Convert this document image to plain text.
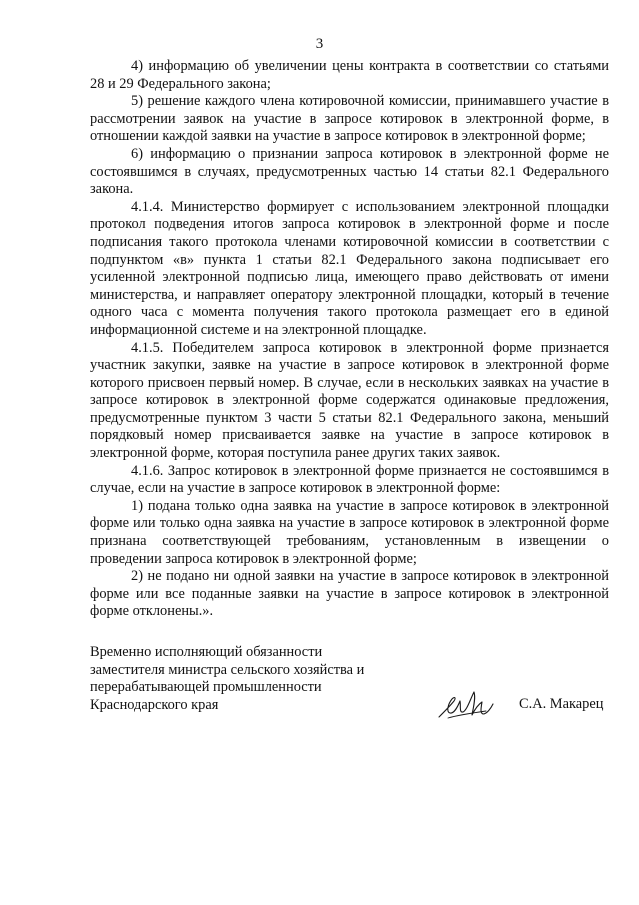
3

4) информацию об увеличении цены контракта в соответствии со статьями 28 и 29 Федерального закона;

5) решение каждого члена котировочной комиссии, принимавшего участие в рассмотрении заявок на участие в запросе котировок в электронной форме, в отношении каждой заявки на участие в запросе котировок в электронной форме;

6) информацию о признании запроса котировок в электронной форме не состоявшимся в случаях, предусмотренных частью 14 статьи 82.1 Федерального закона.

4.1.4. Министерство формирует с использованием электронной площадки протокол подведения итогов запроса котировок в электронной форме и после подписания такого протокола членами котировочной комиссии в соответствии с подпунктом «в» пункта 1 статьи 82.1 Федерального закона подписывает его усиленной электронной подписью лица, имеющего право действовать от имени министерства, и направляет оператору электронной площадки, который в течение одного часа с момента получения такого протокола размещает его в единой информационной системе и на электронной площадке.

4.1.5. Победителем запроса котировок в электронной форме признается участник закупки, заявке на участие в запросе котировок в электронной форме которого присвоен первый номер. В случае, если в нескольких заявках на участие в запросе котировок в электронной форме содержатся одинаковые предложения, предусмотренные пунктом 3 части 5 статьи 82.1 Федерального закона, меньший порядковый номер присваивается заявке на участие в запросе котировок в электронной форме, которая поступила ранее других таких заявок.

4.1.6. Запрос котировок в электронной форме признается не состоявшимся в случае, если на участие в запросе котировок в электронной форме:

1) подана только одна заявка на участие в запросе котировок в электронной форме или только одна заявка на участие в запросе котировок в электронной форме признана соответствующей требованиям, установленным в извещении о проведении запроса котировок в электронной форме;

2) не подано ни одной заявки на участие в запросе котировок в электронной форме или все поданные заявки на участие в запросе котировок в электронной форме отклонены.».

Временно исполняющий обязанности
заместителя министра сельского хозяйства и
перерабатывающей промышленности
Краснодарского края	С.А. Макарец
